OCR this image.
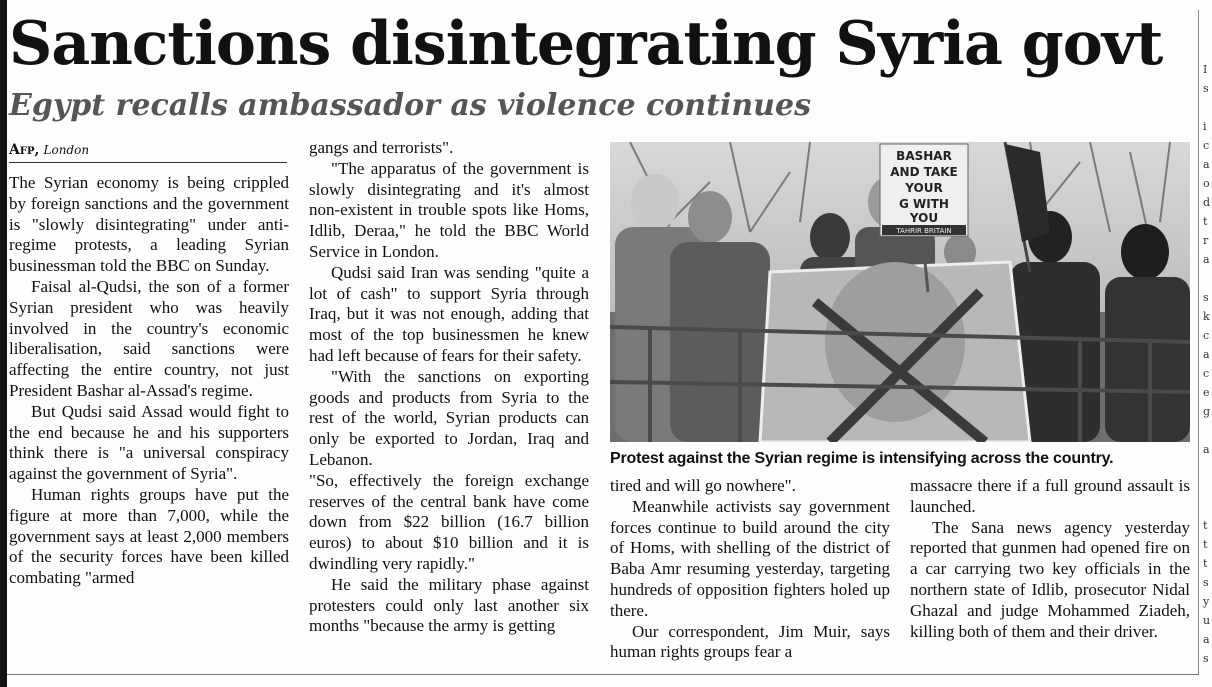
I
s

i
c
a
o
d
t
r
a

s
k
c
a
c
e
g

a

t
t
t
s
y
u
a
s
Sanctions disintegrating Syria govt
Egypt recalls ambassador as violence continues
Afp, London

The Syrian economy is being crippled by foreign sanctions and the government is "slowly disintegrating" under anti-regime protests, a leading Syrian businessman told the BBC on Sunday.

Faisal al-Qudsi, the son of a former Syrian president who was heavily involved in the country's economic liberalisation, said sanctions were affecting the entire country, not just President Bashar al-Assad's regime.

But Qudsi said Assad would fight to the end because he and his supporters think there is "a universal conspiracy against the government of Syria".

Human rights groups have put the figure at more than 7,000, while the government says at least 2,000 members of the security forces have been killed combating "armed

gangs and terrorists".

"The apparatus of the government is slowly disintegrating and it's almost non-existent in trouble spots like Homs, Idlib, Deraa," he told the BBC World Service in London.

Qudsi said Iran was sending "quite a lot of cash" to support Syria through Iraq, but it was not enough, adding that most of the top businessmen he knew had left because of fears for their safety.

"With the sanctions on exporting goods and products from Syria to the rest of the world, Syrian products can only be exported to Jordan, Iraq and Lebanon.

"So, effectively the foreign exchange reserves of the central bank have come down from $22 billion (16.7 billion euros) to about $10 billion and it is dwindling very rapidly."

He said the military phase against protesters could only last another six months "because the army is getting

BASHAR
AND TAKE
YOUR
G WITH
YOU
TAHRIR BRITAIN
Protest against the Syrian regime is intensifying across the country.

tired and will go nowhere".

Meanwhile activists say government forces continue to build around the city of Homs, with shelling of the district of Baba Amr resuming yesterday, targeting hundreds of opposition fighters holed up there.

Our correspondent, Jim Muir, says human rights groups fear a

massacre there if a full ground assault is launched.

The Sana news agency yesterday reported that gunmen had opened fire on a car carrying two key officials in the northern state of Idlib, prosecutor Nidal Ghazal and judge Mohammed Ziadeh, killing both of them and their driver.
